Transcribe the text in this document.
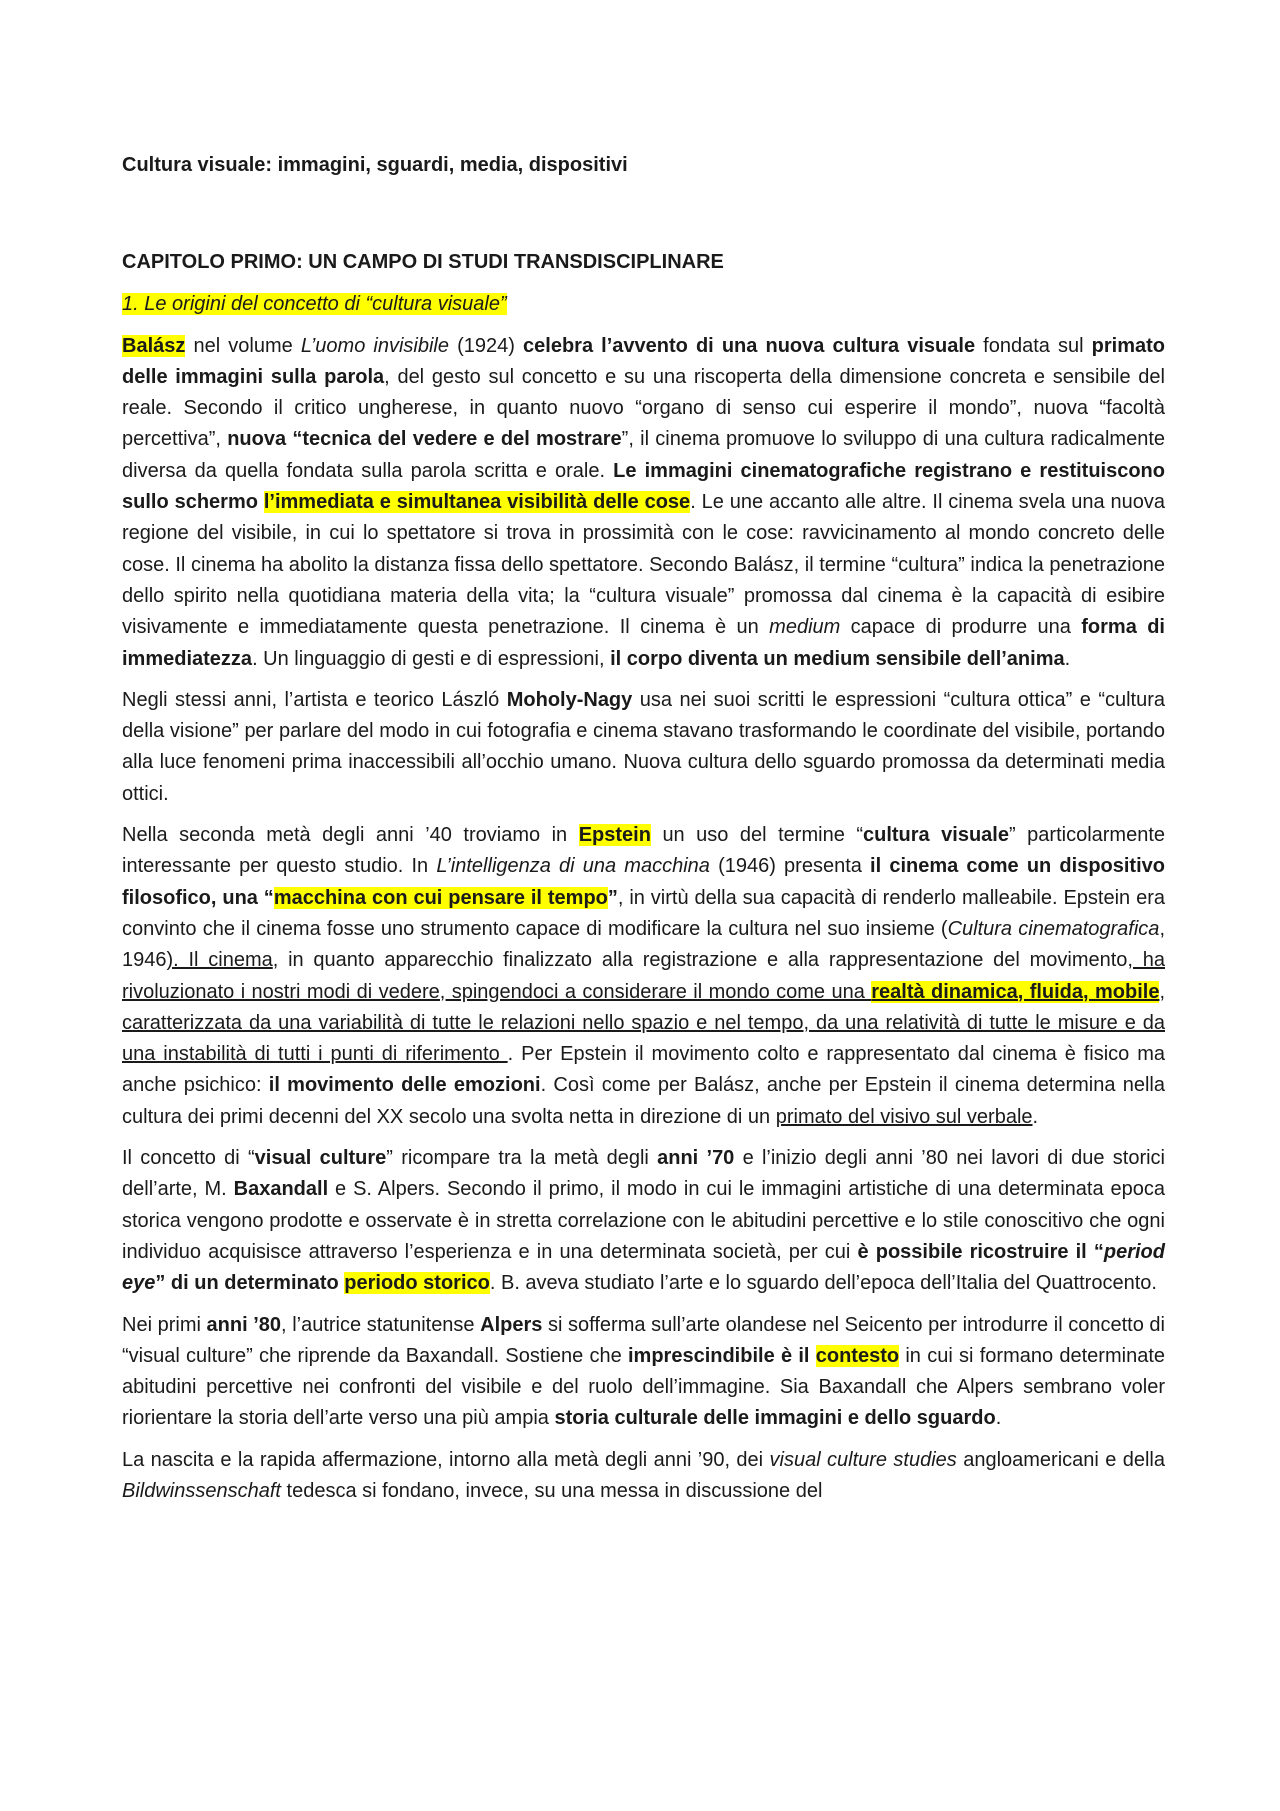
Cultura visuale: immagini, sguardi, media, dispositivi

CAPITOLO PRIMO: UN CAMPO DI STUDI TRANSDISCIPLINARE

1. Le origini del concetto di “cultura visuale”

Balász nel volume L’uomo invisibile (1924) celebra l’avvento di una nuova cultura visuale fondata sul primato delle immagini sulla parola, del gesto sul concetto e su una riscoperta della dimensione concreta e sensibile del reale. Secondo il critico ungherese, in quanto nuovo “organo di senso cui esperire il mondo”, nuova “facoltà percettiva”, nuova “tecnica del vedere e del mostrare”, il cinema promuove lo sviluppo di una cultura radicalmente diversa da quella fondata sulla parola scritta e orale. Le immagini cinematografiche registrano e restituiscono sullo schermo l’immediata e simultanea visibilità delle cose. Le une accanto alle altre. Il cinema svela una nuova regione del visibile, in cui lo spettatore si trova in prossimità con le cose: ravvicinamento al mondo concreto delle cose. Il cinema ha abolito la distanza fissa dello spettatore. Secondo Balász, il termine “cultura” indica la penetrazione dello spirito nella quotidiana materia della vita; la “cultura visuale” promossa dal cinema è la capacità di esibire visivamente e immediatamente questa penetrazione. Il cinema è un medium capace di produrre una forma di immediatezza. Un linguaggio di gesti e di espressioni, il corpo diventa un medium sensibile dell’anima.

Negli stessi anni, l’artista e teorico László Moholy-Nagy usa nei suoi scritti le espressioni “cultura ottica” e “cultura della visione” per parlare del modo in cui fotografia e cinema stavano trasformando le coordinate del visibile, portando alla luce fenomeni prima inaccessibili all’occhio umano. Nuova cultura dello sguardo promossa da determinati media ottici.

Nella seconda metà degli anni ’40 troviamo in Epstein un uso del termine “cultura visuale” particolarmente interessante per questo studio. In L’intelligenza di una macchina (1946) presenta il cinema come un dispositivo filosofico, una “macchina con cui pensare il tempo”, in virtù della sua capacità di renderlo malleabile. Epstein era convinto che il cinema fosse uno strumento capace di modificare la cultura nel suo insieme (Cultura cinematografica, 1946). Il cinema, in quanto apparecchio finalizzato alla registrazione e alla rappresentazione del movimento, ha rivoluzionato i nostri modi di vedere, spingendoci a considerare il mondo come una realtà dinamica, fluida, mobile, caratterizzata da una variabilità di tutte le relazioni nello spazio e nel tempo, da una relatività di tutte le misure e da una instabilità di tutti i punti di riferimento . Per Epstein il movimento colto e rappresentato dal cinema è fisico ma anche psichico: il movimento delle emozioni. Così come per Balász, anche per Epstein il cinema determina nella cultura dei primi decenni del XX secolo una svolta netta in direzione di un primato del visivo sul verbale.

Il concetto di “visual culture” ricompare tra la metà degli anni ’70 e l’inizio degli anni ’80 nei lavori di due storici dell’arte, M. Baxandall e S. Alpers. Secondo il primo, il modo in cui le immagini artistiche di una determinata epoca storica vengono prodotte e osservate è in stretta correlazione con le abitudini percettive e lo stile conoscitivo che ogni individuo acquisisce attraverso l’esperienza e in una determinata società, per cui è possibile ricostruire il “period eye” di un determinato periodo storico. B. aveva studiato l’arte e lo sguardo dell’epoca dell’Italia del Quattrocento.

Nei primi anni ’80, l’autrice statunitense Alpers si sofferma sull’arte olandese nel Seicento per introdurre il concetto di “visual culture” che riprende da Baxandall. Sostiene che imprescindibile è il contesto in cui si formano determinate abitudini percettive nei confronti del visibile e del ruolo dell’immagine. Sia Baxandall che Alpers sembrano voler riorientare la storia dell’arte verso una più ampia storia culturale delle immagini e dello sguardo.

La nascita e la rapida affermazione, intorno alla metà degli anni ’90, dei visual culture studies angloamericani e della Bildwinssenschaft tedesca si fondano, invece, su una messa in discussione del
